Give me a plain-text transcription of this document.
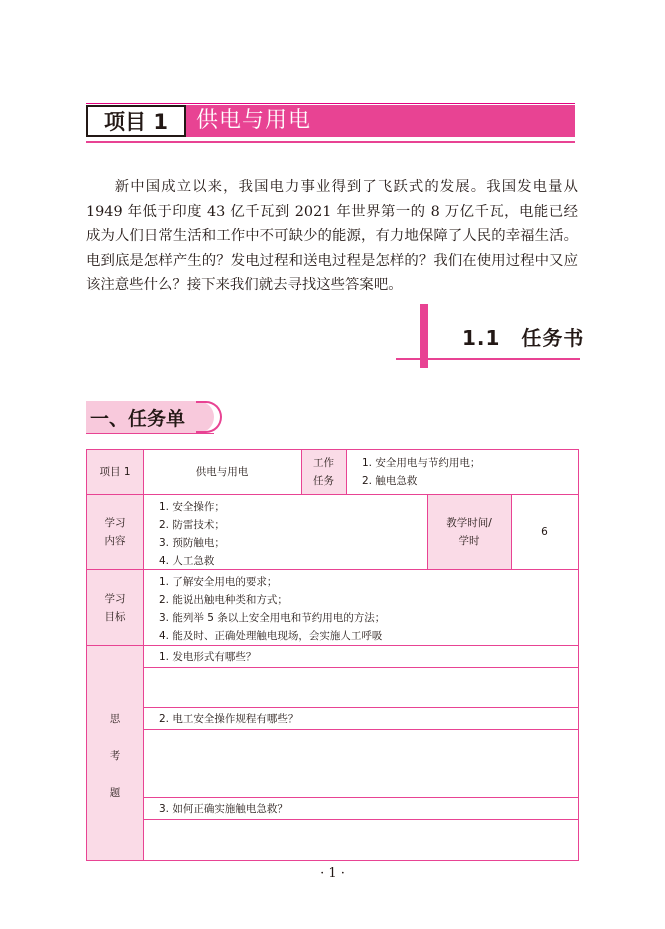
项目 1	供电与用电

新中国成立以来，我国电力事业得到了飞跃式的发展。我国发电量从 1949 年低于印度 43 亿千瓦到 2021 年世界第一的 8 万亿千瓦，电能已经成为人们日常生活和工作中不可缺少的能源，有力地保障了人民的幸福生活。电到底是怎样产生的？发电过程和送电过程是怎样的？我们在使用过程中又应该注意些什么？接下来我们就去寻找这些答案吧。

1.1　任务书
一、任务单
项目 1	供电与用电
工作
任务
1. 安全用电与节约用电；
2. 触电急救
学习
内容
1. 安全操作；
2. 防雷技术；
3. 预防触电；
4. 人工急救
教学时间/
学时
6
学习
目标
1. 了解安全用电的要求；
2. 能说出触电种类和方式；
3. 能列举 5 条以上安全用电和节约用电的方法；
4. 能及时、正确处理触电现场，会实施人工呼吸
思
考
题
1. 发电形式有哪些？
2. 电工安全操作规程有哪些？
3. 如何正确实施触电急救？
· 1 ·
